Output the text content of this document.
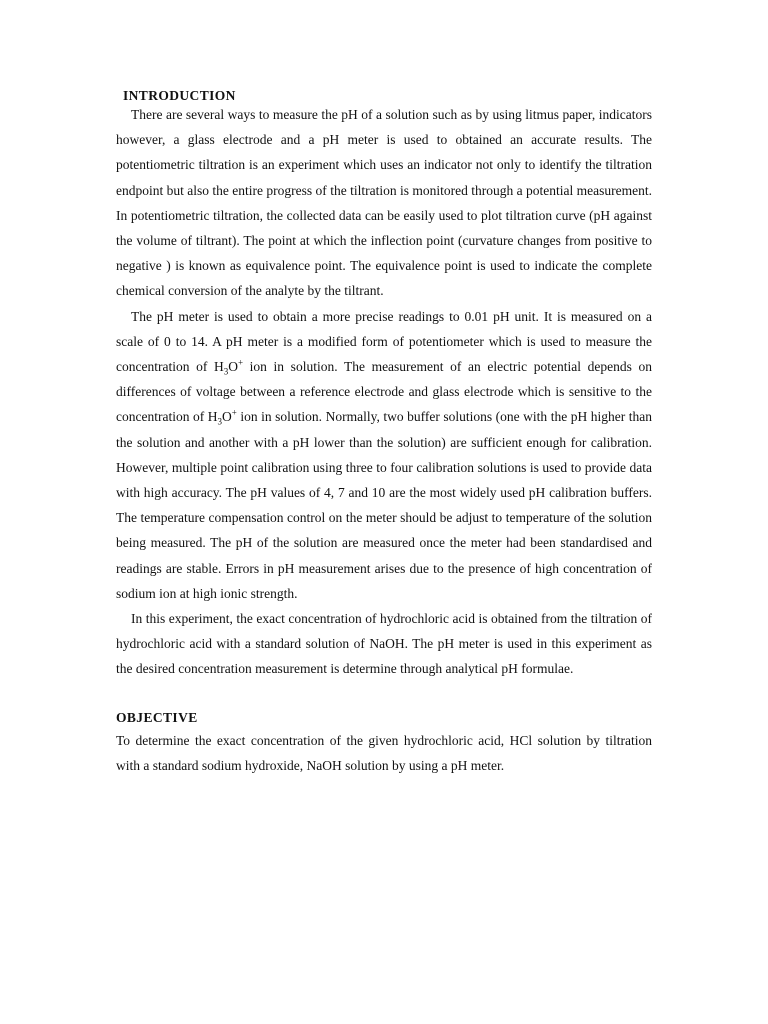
INTRODUCTION

There are several ways to measure the pH of a solution such as by using litmus paper, indicators however, a glass electrode and a pH meter is used to obtained an accurate results. The potentiometric tiltration is an experiment which uses an indicator not only to identify the tiltration endpoint but also the entire progress of the tiltration is monitored through a potential measurement. In potentiometric tiltration, the collected data can be easily used to plot tiltration curve (pH against the volume of tiltrant). The point at which the inflection point (curvature changes from positive to negative ) is known as equivalence point. The equivalence point is used to indicate the complete chemical conversion of the analyte by the tiltrant.

The pH meter is used to obtain a more precise readings to 0.01 pH unit. It is measured on a scale of 0 to 14. A pH meter is a modified form of potentiometer which is used to measure the concentration of $H_3O^+$ ion in solution. The measurement of an electric potential depends on differences of voltage between a reference electrode and glass electrode which is sensitive to the concentration of $H_3O^+$ ion in solution. Normally, two buffer solutions (one with the pH higher than the solution and another with a pH lower than the solution) are sufficient enough for calibration. However, multiple point calibration using three to four calibration solutions is used to provide data with high accuracy. The pH values of 4, 7 and 10 are the most widely used pH calibration buffers. The temperature compensation control on the meter should be adjust to temperature of the solution being measured. The pH of the solution are measured once the meter had been standardised and readings are stable. Errors in pH measurement arises due to the presence of high concentration of sodium ion at high ionic strength.

In this experiment, the exact concentration of hydrochloric acid is obtained from the tiltration of hydrochloric acid with a standard solution of NaOH. The pH meter is used in this experiment as the desired concentration measurement is determine through analytical pH formulae.

OBJECTIVE

To determine the exact concentration of the given hydrochloric acid, HCl solution by tiltration with a standard sodium hydroxide, NaOH solution by using a pH meter.
